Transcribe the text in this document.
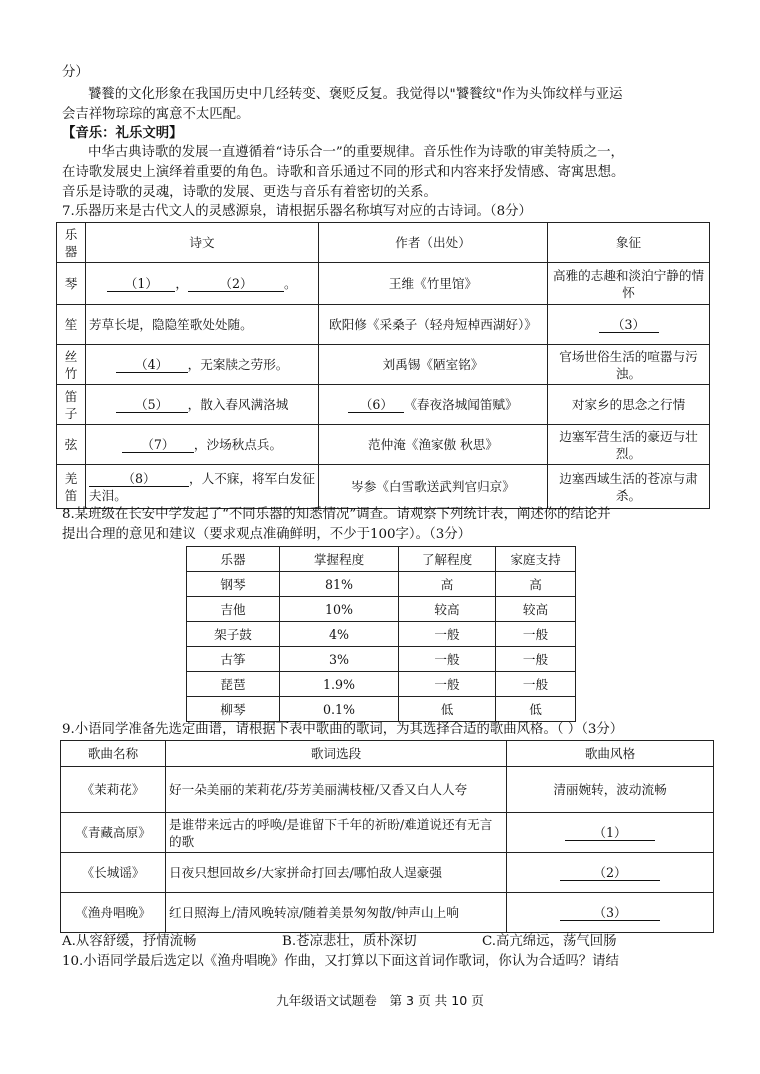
分）
饕餮的文化形象在我国历史中几经转变、褒贬反复。我觉得以"饕餮纹"作为头饰纹样与亚运
会吉祥物琮琮的寓意不太匹配。
【音乐：礼乐文明】
中华古典诗歌的发展一直遵循着“诗乐合一”的重要规律。音乐性作为诗歌的审美特质之一，
在诗歌发展史上演绎着重要的角色。诗歌和音乐通过不同的形式和内容来抒发情感、寄寓思想。
音乐是诗歌的灵魂，诗歌的发展、更迭与音乐有着密切的关系。
7.乐器历来是古代文人的灵感源泉，请根据乐器名称填写对应的古诗词。（8分）
乐器	诗文	作者（出处）	象征
琴	（1） ， （2） 。	王维《竹里馆》	高雅的志趣和淡泊宁静的情怀
笙	芳草长堤，隐隐笙歌处处随。	欧阳修《采桑子（轻舟短棹西湖好）》	（3）
丝竹	（4） ，无案牍之劳形。	刘禹锡《陋室铭》	官场世俗生活的喧嚣与污浊。
笛子	（5） ，散入春风满洛城	（6） 《春夜洛城闻笛赋》	对家乡的思念之行情
弦	（7） ，沙场秋点兵。	范仲淹《渔家傲 秋思》	边塞军营生活的豪迈与壮烈。
羌笛	（8） ，人不寐，将军白发征夫泪。	岑参《白雪歌送武判官归京》	边塞西域生活的苍凉与肃杀。
8.某班级在长安中学发起了“不同乐器的知悉情况”调查。请观察下列统计表，阐述你的结论并
提出合理的意见和建议（要求观点准确鲜明，不少于100字）。（3分）
乐器	掌握程度	了解程度	家庭支持
钢琴	81%	高	高
吉他	10%	较高	较高
架子鼓	4%	一般	一般
古筝	3%	一般	一般
琵琶	1.9%	一般	一般
柳琴	0.1%	低	低
9.小语同学准备先选定曲谱，请根据下表中歌曲的歌词，为其选择合适的歌曲风格。（ ）（3分）
歌曲名称	歌词选段	歌曲风格
《茉莉花》	好一朵美丽的茉莉花/芬芳美丽满枝桠/又香又白人人夸	清丽婉转，波动流畅
《青藏高原》	是谁带来远古的呼唤/是谁留下千年的祈盼/难道说还有无言的歌	（1）
《长城谣》	日夜只想回故乡/大家拼命打回去/哪怕敌人逞豪强	（2）
《渔舟唱晚》	红日照海上/清风晚转凉/随着美景匆匆散/钟声山上响	（3）
A.从容舒缓，抒情流畅	B.苍凉悲壮，质朴深切	C.高亢绵远，荡气回肠
10.小语同学最后选定以《渔舟唱晚》作曲，又打算以下面这首词作歌词，你认为合适吗？请结
九年级语文试题卷　第 3 页 共 10 页
